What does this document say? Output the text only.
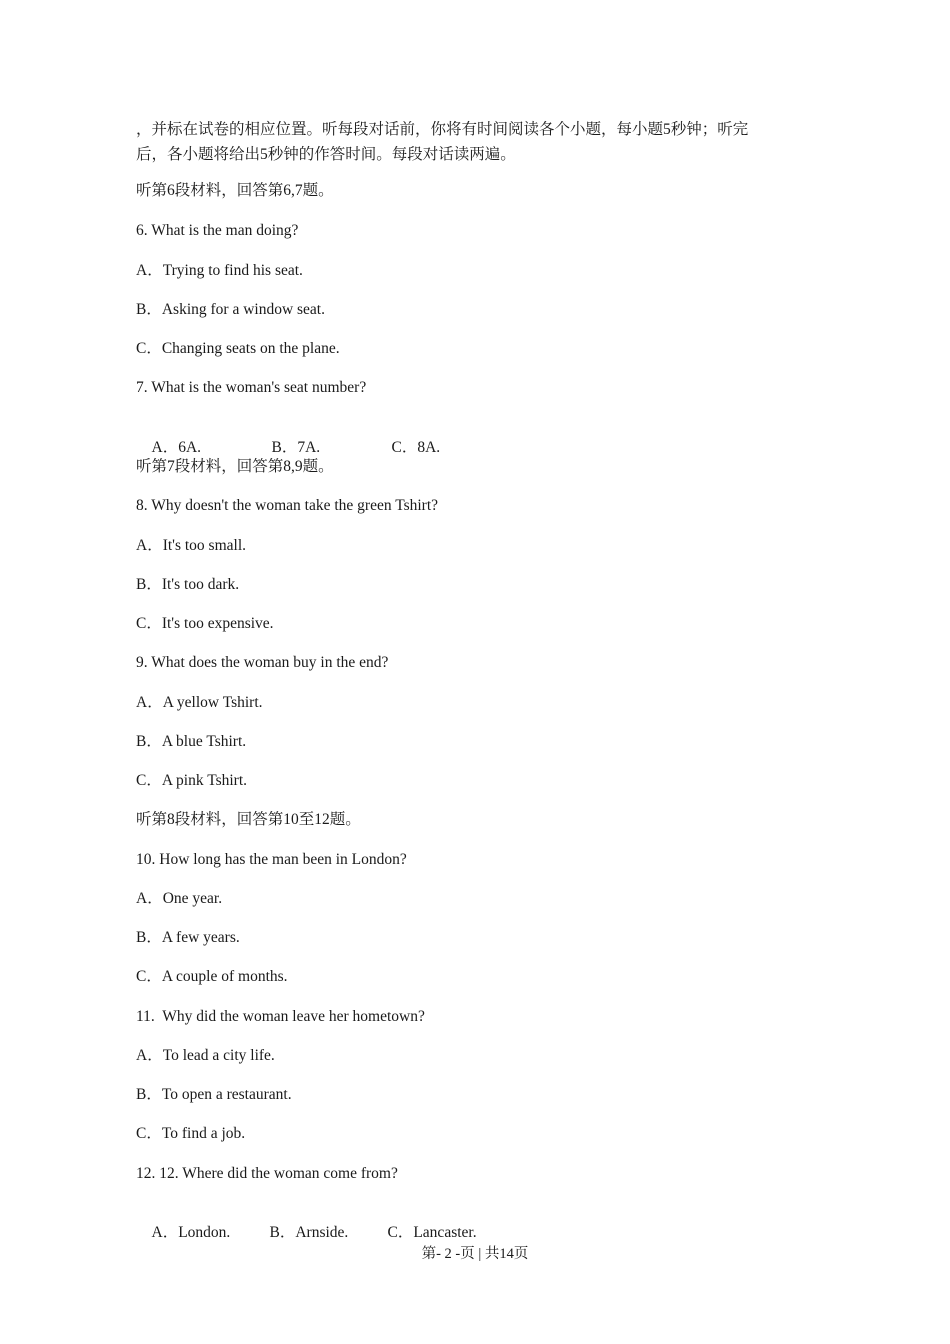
，并标在试卷的相应位置。听每段对话前，你将有时间阅读各个小题，每小题5秒钟；听完
后，各小题将给出5秒钟的作答时间。每段对话读两遍。
听第6段材料，回答第6,7题。
6. What is the man doing?
A．Trying to find his seat.
B．Asking for a window seat.
C．Changing seats on the plane.
7. What is the woman's seat number?

A．6A.	B．7A.	C．8A.

听第7段材料，回答第8,9题。
8. Why doesn't the woman take the green Tshirt?
A．It's too small.
B．It's too dark.
C．It's too expensive.
9. What does the woman buy in the end?
A．A yellow Tshirt.
B．A blue Tshirt.
C．A pink Tshirt.
听第8段材料，回答第10至12题。
10. How long has the man been in London?
A．One year.
B．A few years.
C．A couple of months.
11.  Why did the woman leave her hometown?
A．To lead a city life.
B．To open a restaurant.
C．To find a job.
12. 12. Where did the woman come from?

A．London.	B．Arnside.	C．Lancaster.

第- 2 -页 | 共14页
